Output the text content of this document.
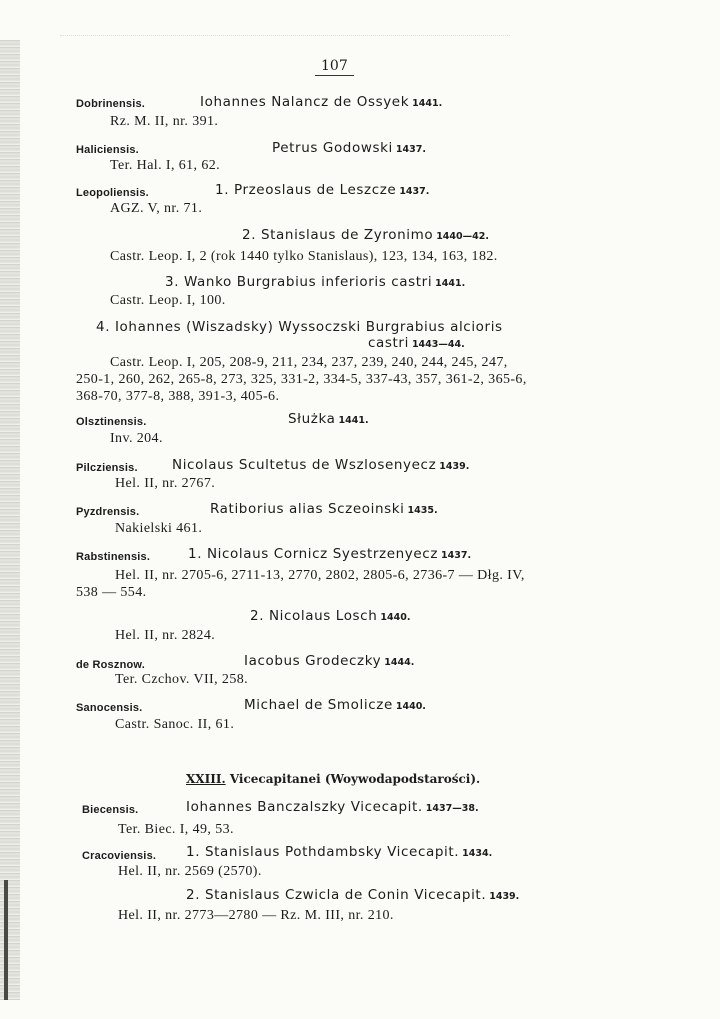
107
Dobrinensis.	Iohannes Nalancz de Ossyek 1441.
Rz. M. II, nr. 391.
Haliciensis.	Petrus Godowski 1437.
Ter. Hal. I, 61, 62.
Leopoliensis.	1. Przeoslaus de Leszcze 1437.
AGZ. V, nr. 71.
2. Stanislaus de Zyronimo 1440—42.
Castr. Leop. I, 2 (rok 1440 tylko Stanislaus), 123, 134, 163, 182.
3. Wanko Burgrabius inferioris castri 1441.
Castr. Leop. I, 100.
4. Iohannes (Wiszadsky) Wyssoczski Burgrabius alcioris
castri 1443—44.
Castr. Leop. I, 205, 208-9, 211, 234, 237, 239, 240, 244, 245, 247,
250-1, 260, 262, 265-8, 273, 325, 331-2, 334-5, 337-43, 357, 361-2, 365-6,
368-70, 377-8, 388, 391-3, 405-6.
Olsztinensis.	Służka 1441.
Inv. 204.
Pilcziensis.	Nicolaus Scultetus de Wszlosenyecz 1439.
Hel. II, nr. 2767.
Pyzdrensis.	Ratiborius alias Sczeoinski 1435.
Nakielski 461.
Rabstinensis.	1. Nicolaus Cornicz Syestrzenyecz 1437.
Hel. II, nr. 2705-6, 2711-13, 2770, 2802, 2805-6, 2736-7 — Dłg. IV,
538 — 554.
2. Nicolaus Losch 1440.
Hel. II, nr. 2824.
de Rosznow.	Iacobus Grodeczky 1444.
Ter. Czchov. VII, 258.
Sanocensis.	Michael de Smolicze 1440.
Castr. Sanoc. II, 61.
XXIII. Vicecapitanei (Woywodapodstarości).
Biecensis.	Iohannes Banczalszky Vicecapit. 1437—38.
Ter. Biec. I, 49, 53.
Cracoviensis. 1. Stanislaus Pothdambsky Vicecapit. 1434.
Hel. II, nr. 2569 (2570).
2. Stanislaus Czwicla de Conin Vicecapit. 1439.
Hel. II, nr. 2773—2780 — Rz. M. III, nr. 210.
